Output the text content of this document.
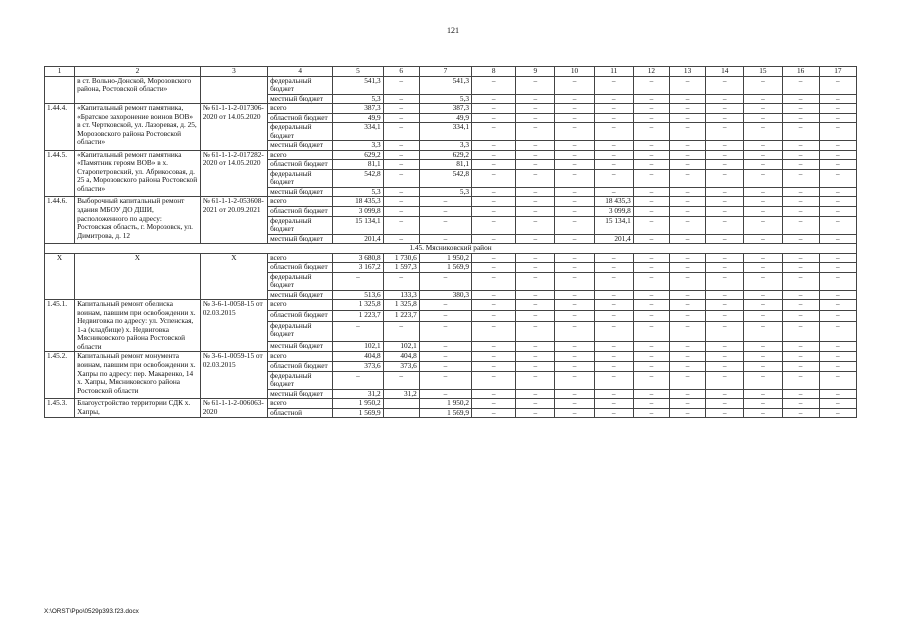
121
1	2	3	4	5	6	7	8	9	10	11	12	13	14	15	16	17
	в ст. Вольно-Донской, Морозовского района, Ростовской области»		федеральный бюджет	541,3	–	541,3	–	–	–	–	–	–	–	–	–	–
			местный бюджет	5,3	–	5,3	–	–	–	–	–	–	–	–	–	–
1.44.4.	«Капитальный ремонт памятника, «Братское захоронение воинов ВОВ» в ст. Чертковской, ул. Лазоревая, д. 25, Морозовского района Ростовской области»	№ 61-1-1-2-017306-2020 от 14.05.2020	всего	387,3	–	387,3	–	–	–	–	–	–	–	–	–	–
			областной бюджет	49,9	–	49,9	–	–	–	–	–	–	–	–	–	–
			федеральный бюджет	334,1	–	334,1	–	–	–	–	–	–	–	–	–	–
			местный бюджет	3,3	–	3,3	–	–	–	–	–	–	–	–	–	–
1.44.5.	«Капитальный ремонт памятника «Памятник героям ВОВ» в х. Старопетровский, ул. Абрикосовая, д. 25 а, Морозовского района Ростовской области»	№ 61-1-1-2-017282-2020 от 14.05.2020	всего	629,2	–	629,2	–	–	–	–	–	–	–	–	–	–
			областной бюджет	81,1	–	81,1	–	–	–	–	–	–	–	–	–	–
			федеральный бюджет	542,8	–	542,8	–	–	–	–	–	–	–	–	–	–
			местный бюджет	5,3	–	5,3	–	–	–	–	–	–	–	–	–	–
1.44.6.	Выборочный капитальный ремонт здания МБОУ ДО ДШИ, расположенного по адресу: Ростовская область, г. Морозовск, ул. Димитрова, д. 12	№ 61-1-1-2-053608-2021 от 20.09.2021	всего	18 435,3	–	–	–	–	–	18 435,3	–	–	–	–	–	–
			областной бюджет	3 099,8	–	–	–	–	–	3 099,8	–	–	–	–	–	–
			федеральный бюджет	15 134,1	–	–	–	–	–	15 134,1	–	–	–	–	–	–
			местный бюджет	201,4	–	–	–	–	–	201,4	–	–	–	–	–	–
1.45. Мясниковский район																
Х	Х	Х	всего	3 680,8	1 730,6	1 950,2	–	–	–	–	–	–	–	–	–	–
			областной бюджет	3 167,2	1 597,3	1 569,9	–	–	–	–	–	–	–	–	–	–
			федеральный бюджет	–	–	–	–	–	–	–	–	–	–	–	–	–
			местный бюджет	513,6	133,3	380,3	–	–	–	–	–	–	–	–	–	–
1.45.1.	Капитальный ремонт обелиска воинам, павшим при освобождении х. Недвиговка по адресу: ул. Успенская, 1-а (кладбище) х. Недвиговка Мясниковского района Ростовской области	№ 3-6-1-0058-15 от 02.03.2015	всего	1 325,8	1 325,8	–	–	–	–	–	–	–	–	–	–	–
			областной бюджет	1 223,7	1 223,7	–	–	–	–	–	–	–	–	–	–	–
			федеральный бюджет	–	–	–	–	–	–	–	–	–	–	–	–	–
			местный бюджет	102,1	102,1	–	–	–	–	–	–	–	–	–	–	–
1.45.2.	Капитальный ремонт монумента воинам, павшим при освобождении х. Хапры по адресу: пер. Макаренко, 14 х. Хапры, Мясниковского района Ростовской области	№ 3-6-1-0059-15 от 02.03.2015	всего	404,8	404,8	–	–	–	–	–	–	–	–	–	–	–
			областной бюджет	373,6	373,6	–	–	–	–	–	–	–	–	–	–	–
			федеральный бюджет	–	–	–	–	–	–	–	–	–	–	–	–	–
			местный бюджет	31,2	31,2	–	–	–	–	–	–	–	–	–	–	–
1.45.3.	Благоустройство территории СДК х. Хапры,	№ 61-1-1-2-006063-2020	всего	1 950,2		1 950,2	–	–	–	–	–	–	–	–	–	–
			областной	1 569,9		1 569,9	–	–	–	–	–	–	–	–	–	–
X:\ORST\Ppo\0529p393.f23.docx
